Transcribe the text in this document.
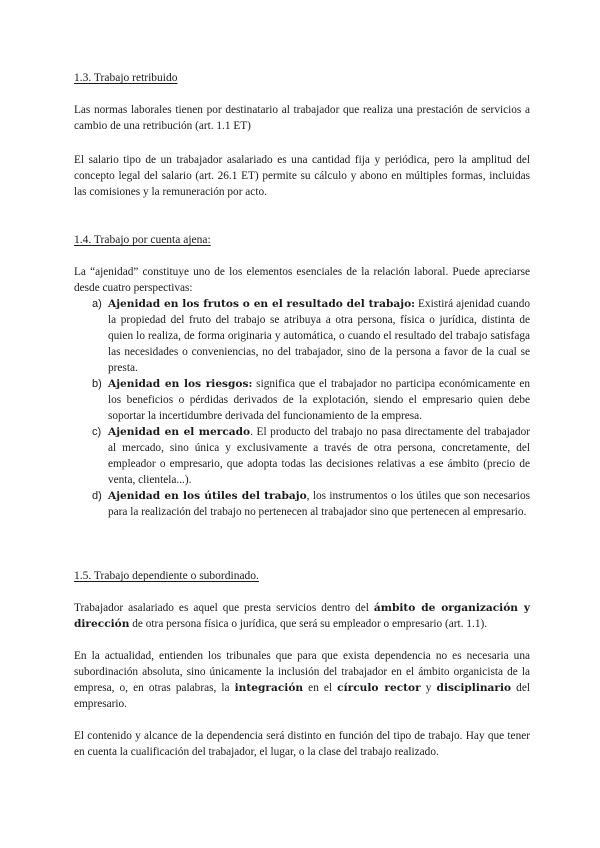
1.3. Trabajo retribuido

Las normas laborales tienen por destinatario al trabajador que realiza una prestación de servicios a cambio de una retribución (art. 1.1 ET)

El salario tipo de un trabajador asalariado es una cantidad fija y periódica, pero la amplitud del concepto legal del salario (art. 26.1 ET) permite su cálculo y abono en múltiples formas, incluidas las comisiones y la remuneración por acto.

1.4. Trabajo por cuenta ajena:

La “ajenidad” constituye uno de los elementos esenciales de la relación laboral. Puede apreciarse desde cuatro perspectivas:

a) Ajenidad en los frutos o en el resultado del trabajo: Existirá ajenidad cuando la propiedad del fruto del trabajo se atribuya a otra persona, física o jurídica, distinta de quien lo realiza, de forma originaria y automática, o cuando el resultado del trabajo satisfaga las necesidades o conveniencias, no del trabajador, sino de la persona a favor de la cual se presta.
b) Ajenidad en los riesgos: significa que el trabajador no participa económicamente en los beneficios o pérdidas derivados de la explotación, siendo el empresario quien debe soportar la incertidumbre derivada del funcionamiento de la empresa.
c) Ajenidad en el mercado. El producto del trabajo no pasa directamente del trabajador al mercado, sino única y exclusivamente a través de otra persona, concretamente, del empleador o empresario, que adopta todas las decisiones relativas a ese ámbito (precio de venta, clientela...).
d) Ajenidad en los útiles del trabajo, los instrumentos o los útiles que son necesarios para la realización del trabajo no pertenecen al trabajador sino que pertenecen al empresario.
1.5. Trabajo dependiente o subordinado.

Trabajador asalariado es aquel que presta servicios dentro del ámbito de organización y dirección de otra persona física o jurídica, que será su empleador o empresario (art. 1.1).

En la actualidad, entienden los tribunales que para que exista dependencia no es necesaria una subordinación absoluta, sino únicamente la inclusión del trabajador en el ámbito organicista de la empresa, o, en otras palabras, la integración en el círculo rector y disciplinario del empresario.

El contenido y alcance de la dependencia será distinto en función del tipo de trabajo. Hay que tener en cuenta la cualificación del trabajador, el lugar, o la clase del trabajo realizado.
